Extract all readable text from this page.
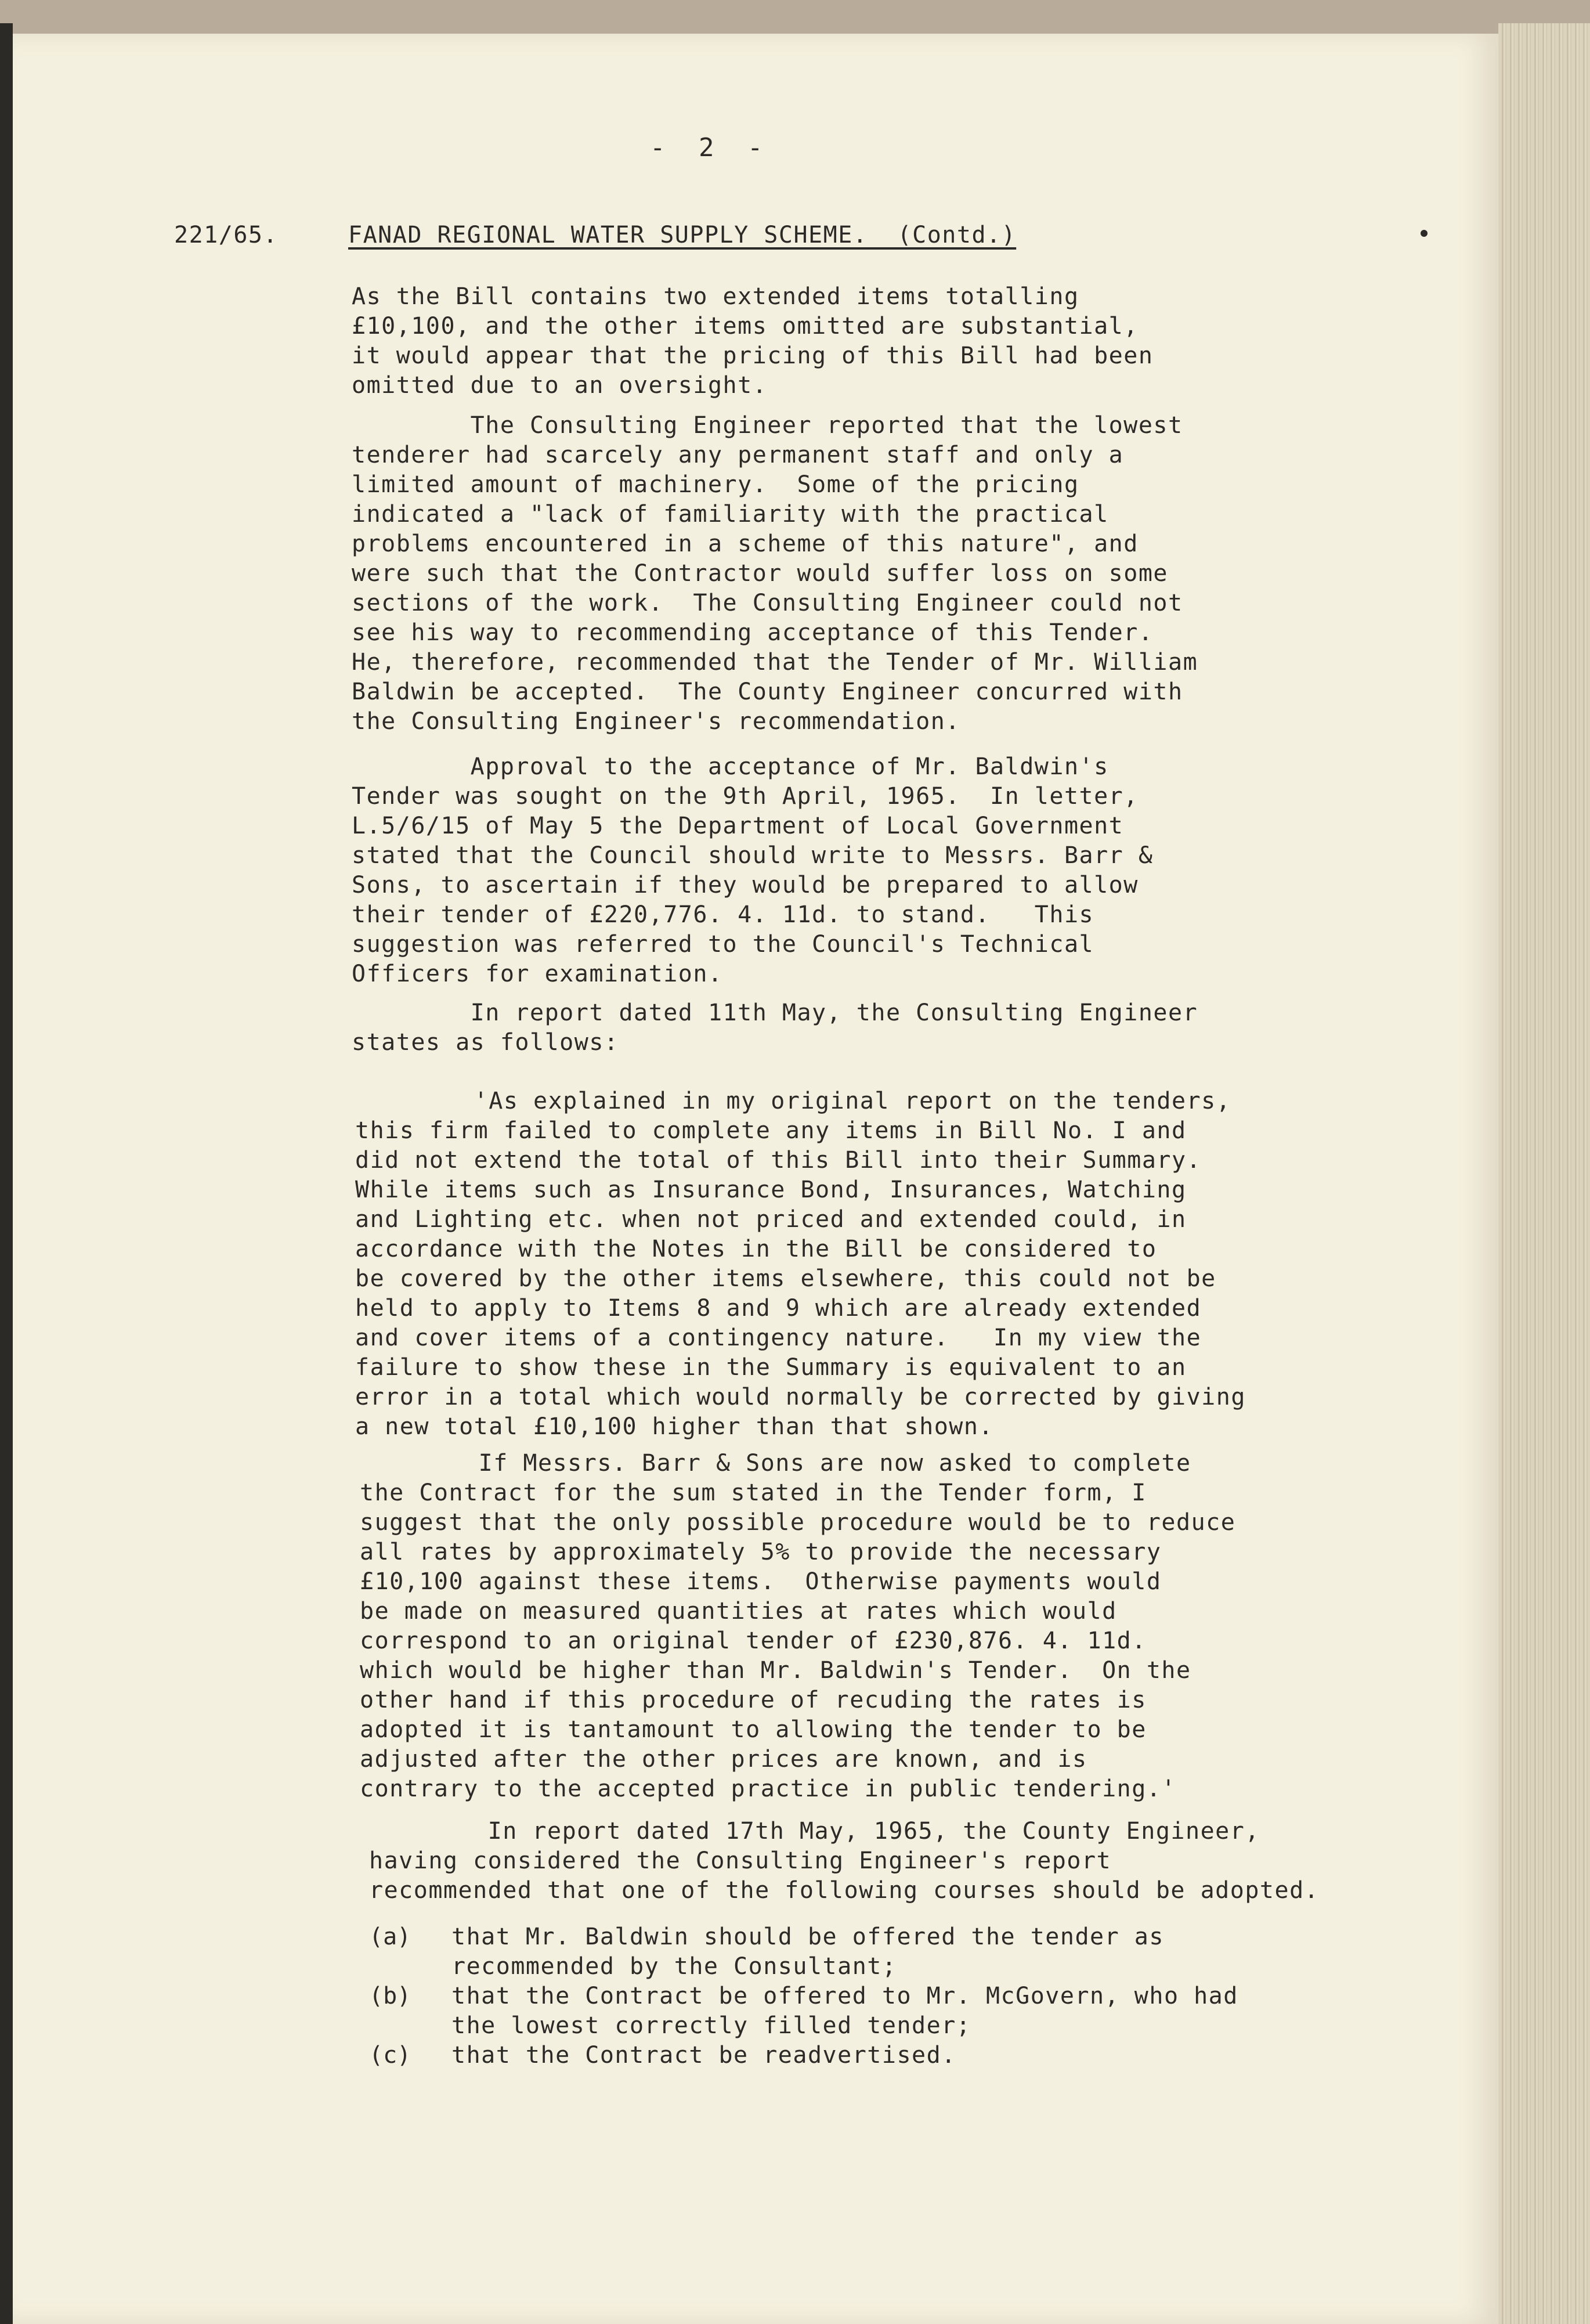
-  2  -
221/65.	FANAD REGIONAL WATER SUPPLY SCHEME.  (Contd.)
As the Bill contains two extended items totalling
£10,100, and the other items omitted are substantial,
it would appear that the pricing of this Bill had been
omitted due to an oversight.
The Consulting Engineer reported that the lowest
tenderer had scarcely any permanent staff and only a
limited amount of machinery.  Some of the pricing
indicated a "lack of familiarity with the practical
problems encountered in a scheme of this nature", and
were such that the Contractor would suffer loss on some
sections of the work.  The Consulting Engineer could not
see his way to recommending acceptance of this Tender.
He, therefore, recommended that the Tender of Mr. William
Baldwin be accepted.  The County Engineer concurred with
the Consulting Engineer's recommendation.
Approval to the acceptance of Mr. Baldwin's
Tender was sought on the 9th April, 1965.  In letter,
L.5/6/15 of May 5 the Department of Local Government
stated that the Council should write to Messrs. Barr &
Sons, to ascertain if they would be prepared to allow
their tender of £220,776. 4. 11d. to stand.   This
suggestion was referred to the Council's Technical
Officers for examination.
In report dated 11th May, the Consulting Engineer
states as follows:
'As explained in my original report on the tenders,
this firm failed to complete any items in Bill No. I and
did not extend the total of this Bill into their Summary.
While items such as Insurance Bond, Insurances, Watching
and Lighting etc. when not priced and extended could, in
accordance with the Notes in the Bill be considered to
be covered by the other items elsewhere, this could not be
held to apply to Items 8 and 9 which are already extended
and cover items of a contingency nature.   In my view the
failure to show these in the Summary is equivalent to an
error in a total which would normally be corrected by giving
a new total £10,100 higher than that shown.
If Messrs. Barr & Sons are now asked to complete
the Contract for the sum stated in the Tender form, I
suggest that the only possible procedure would be to reduce
all rates by approximately 5% to provide the necessary
£10,100 against these items.  Otherwise payments would
be made on measured quantities at rates which would
correspond to an original tender of £230,876. 4. 11d.
which would be higher than Mr. Baldwin's Tender.  On the
other hand if this procedure of recuding the rates is
adopted it is tantamount to allowing the tender to be
adjusted after the other prices are known, and is
contrary to the accepted practice in public tendering.'
In report dated 17th May, 1965, the County Engineer,
having considered the Consulting Engineer's report
recommended that one of the following courses should be adopted.
(a) that Mr. Baldwin should be offered the tender as
recommended by the Consultant;
(b) that the Contract be offered to Mr. McGovern, who had
the lowest correctly filled tender;
(c) that the Contract be readvertised.
